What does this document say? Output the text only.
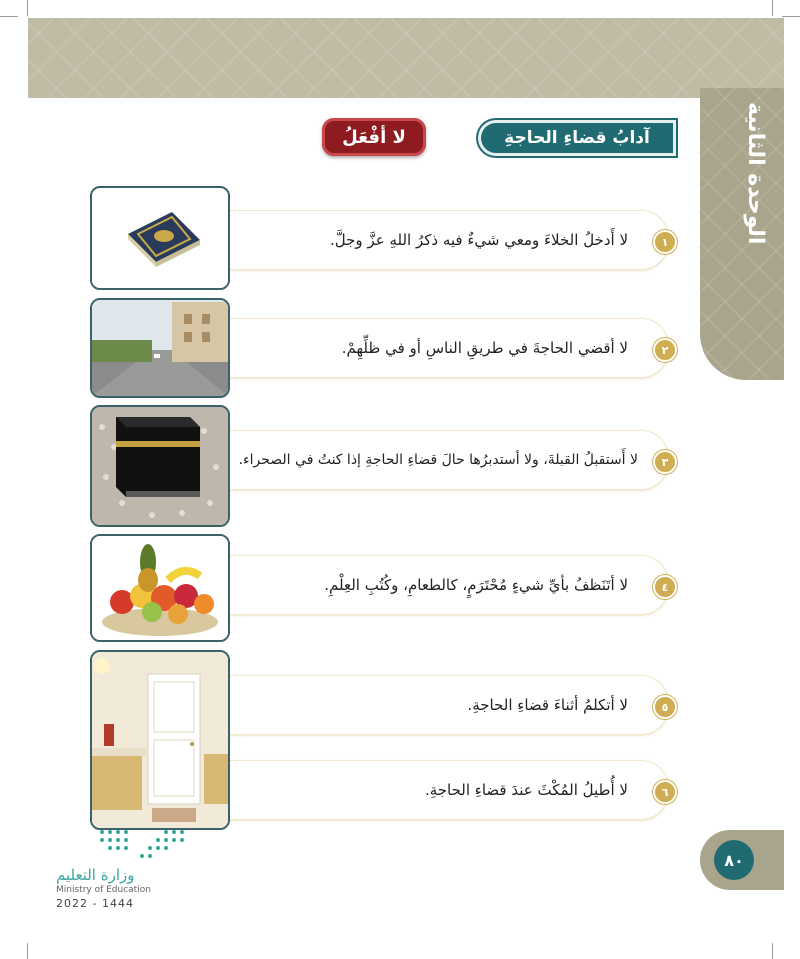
الوحدة الثانية
آدابُ قضاءِ الحاجةِ
لا أفْعَلُ
لا أَدخلُ الخلاءَ ومعي شيءٌ فيه ذكرُ اللهِ عزَّ وجلَّ.	١
لا أقضي الحاجةَ في طريقِ الناسِ أو في ظلِّهِمْ.	٢
لا أَستقبلُ القبلةَ، ولا أستدبرُها حالَ قضاءِ الحاجةِ إذا كنتُ في الصحراء.	٣
لا أتَنَظفُ بأيِّ شيءٍ مُحْتَرَمٍ، كالطعامِ، وكُتُبِ العِلْمِ.	٤
لا أتكلمُ أثناءَ قضاءِ الحاجةِ.	٥
لا أُطيلُ المُكْثَ عندَ قضاءِ الحاجةِ.	٦
٨٠
وزارة التعليم
Ministry of Education
2022 - 1444
